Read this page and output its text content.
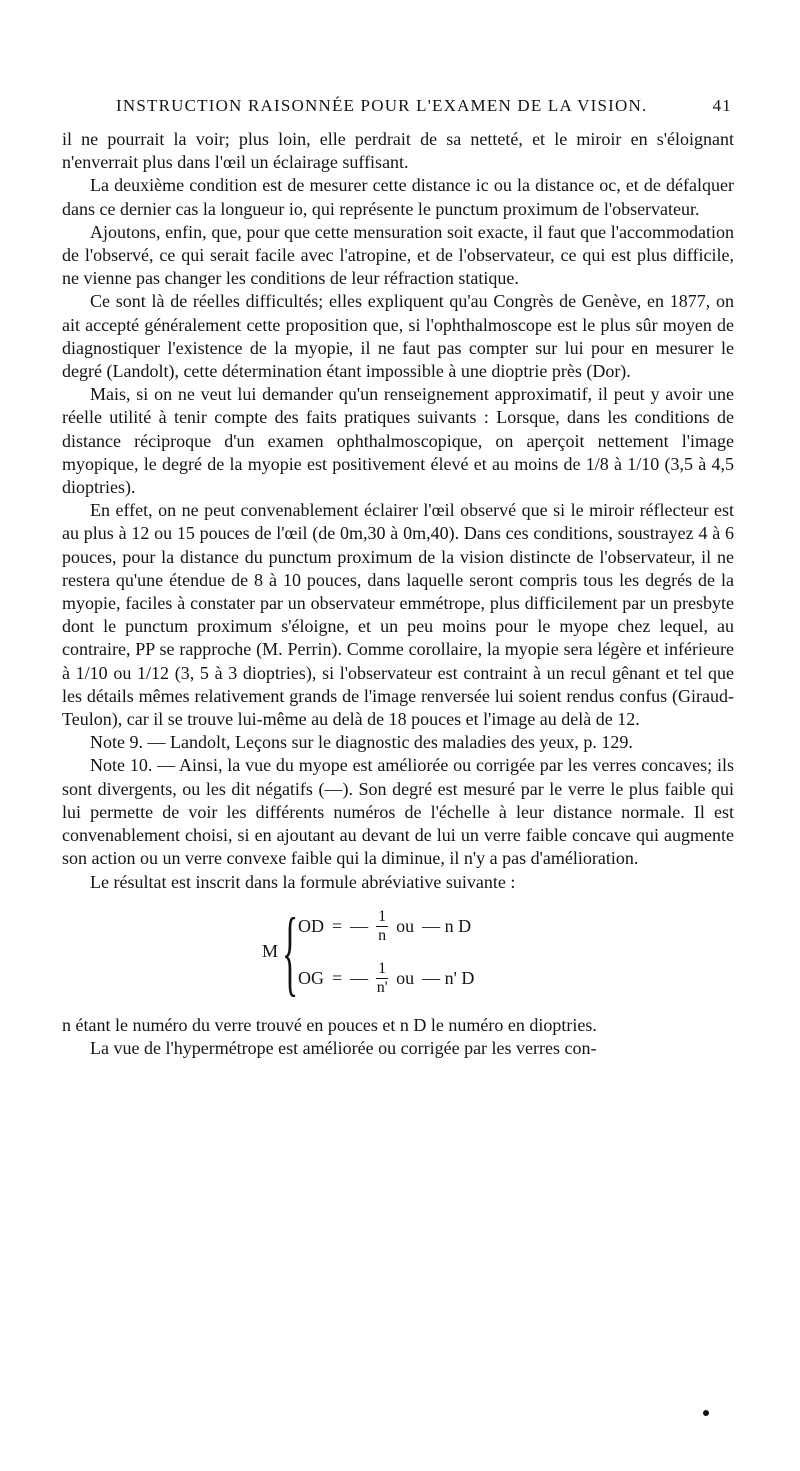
INSTRUCTION RAISONNÉE POUR L'EXAMEN DE LA VISION.	41

il ne pourrait la voir; plus loin, elle perdrait de sa netteté, et le miroir en s'éloignant n'enverrait plus dans l'œil un éclairage suffisant.

La deuxième condition est de mesurer cette distance ic ou la distance oc, et de défalquer dans ce dernier cas la longueur io, qui représente le punctum proximum de l'observateur.

Ajoutons, enfin, que, pour que cette mensuration soit exacte, il faut que l'accommodation de l'observé, ce qui serait facile avec l'atropine, et de l'observateur, ce qui est plus difficile, ne vienne pas changer les conditions de leur réfraction statique.

Ce sont là de réelles difficultés; elles expliquent qu'au Congrès de Genève, en 1877, on ait accepté généralement cette proposition que, si l'ophthalmoscope est le plus sûr moyen de diagnostiquer l'existence de la myopie, il ne faut pas compter sur lui pour en mesurer le degré (Landolt), cette détermination étant impossible à une dioptrie près (Dor).

Mais, si on ne veut lui demander qu'un renseignement approximatif, il peut y avoir une réelle utilité à tenir compte des faits pratiques suivants : Lorsque, dans les conditions de distance réciproque d'un examen ophthalmoscopique, on aperçoit nettement l'image myopique, le degré de la myopie est positivement élevé et au moins de 1/8 à 1/10 (3,5 à 4,5 dioptries).

En effet, on ne peut convenablement éclairer l'œil observé que si le miroir réflecteur est au plus à 12 ou 15 pouces de l'œil (de 0m,30 à 0m,40). Dans ces conditions, soustrayez 4 à 6 pouces, pour la distance du punctum proximum de la vision distincte de l'observateur, il ne restera qu'une étendue de 8 à 10 pouces, dans laquelle seront compris tous les degrés de la myopie, faciles à constater par un observateur emmétrope, plus difficilement par un presbyte dont le punctum proximum s'éloigne, et un peu moins pour le myope chez lequel, au contraire, PP se rapproche (M. Perrin). Comme corollaire, la myopie sera légère et inférieure à 1/10 ou 1/12 (3, 5 à 3 dioptries), si l'observateur est contraint à un recul gênant et tel que les détails mêmes relativement grands de l'image renversée lui soient rendus confus (Giraud-Teulon), car il se trouve lui-même au delà de 18 pouces et l'image au delà de 12.

Note 9. — Landolt, Leçons sur le diagnostic des maladies des yeux, p. 129.

Note 10. — Ainsi, la vue du myope est améliorée ou corrigée par les verres concaves; ils sont divergents, ou les dit négatifs (—). Son degré est mesuré par le verre le plus faible qui lui permette de voir les différents numéros de l'échelle à leur distance normale. Il est convenablement choisi, si en ajoutant au devant de lui un verre faible concave qui augmente son action ou un verre convexe faible qui la diminue, il n'y a pas d'amélioration.

Le résultat est inscrit dans la formule abréviative suivante :

M { OD = — $\frac{1}{n}$ ou — n D
OG = — $\frac{1}{n'}$ ou — n' D

n étant le numéro du verre trouvé en pouces et n D le numéro en dioptries.

La vue de l'hypermétrope est améliorée ou corrigée par les verres con-
